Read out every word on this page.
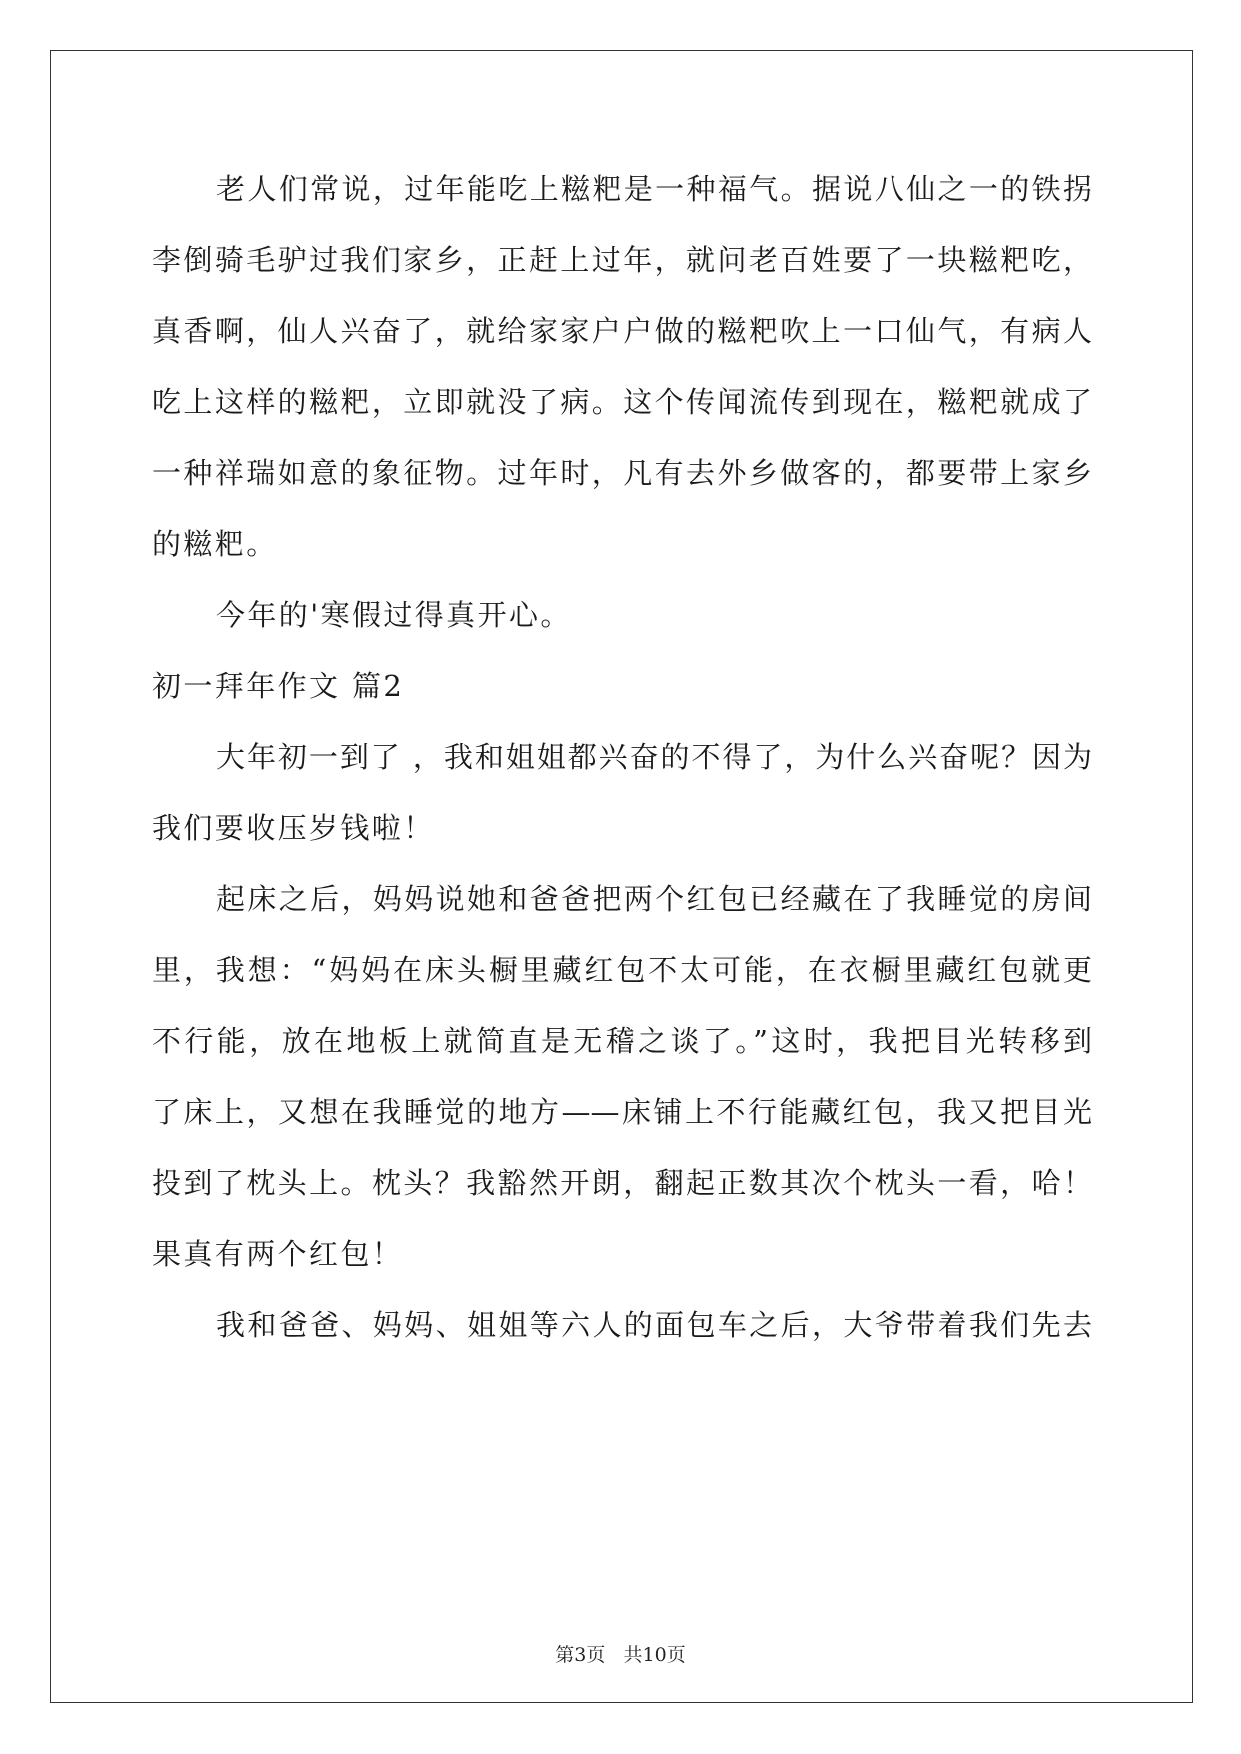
老人们常说，过年能吃上糍粑是一种福气。据说八仙之一的铁拐
李倒骑毛驴过我们家乡，正赶上过年，就问老百姓要了一块糍粑吃，
真香啊，仙人兴奋了，就给家家户户做的糍粑吹上一口仙气，有病人
吃上这样的糍粑，立即就没了病。这个传闻流传到现在，糍粑就成了
一种祥瑞如意的象征物。过年时，凡有去外乡做客的，都要带上家乡
的糍粑。
今年的'寒假过得真开心。
初一拜年作文 篇2
大年初一到了 ，我和姐姐都兴奋的不得了，为什么兴奋呢？因为
我们要收压岁钱啦！
起床之后，妈妈说她和爸爸把两个红包已经藏在了我睡觉的房间
里，我想：“妈妈在床头橱里藏红包不太可能，在衣橱里藏红包就更
不行能，放在地板上就简直是无稽之谈了。”这时，我把目光转移到
了床上，又想在我睡觉的地方——床铺上不行能藏红包，我又把目光
投到了枕头上。枕头？我豁然开朗，翻起正数其次个枕头一看，哈！
果真有两个红包！
我和爸爸、妈妈、姐姐等六人的面包车之后，大爷带着我们先去
第3页 共10页
